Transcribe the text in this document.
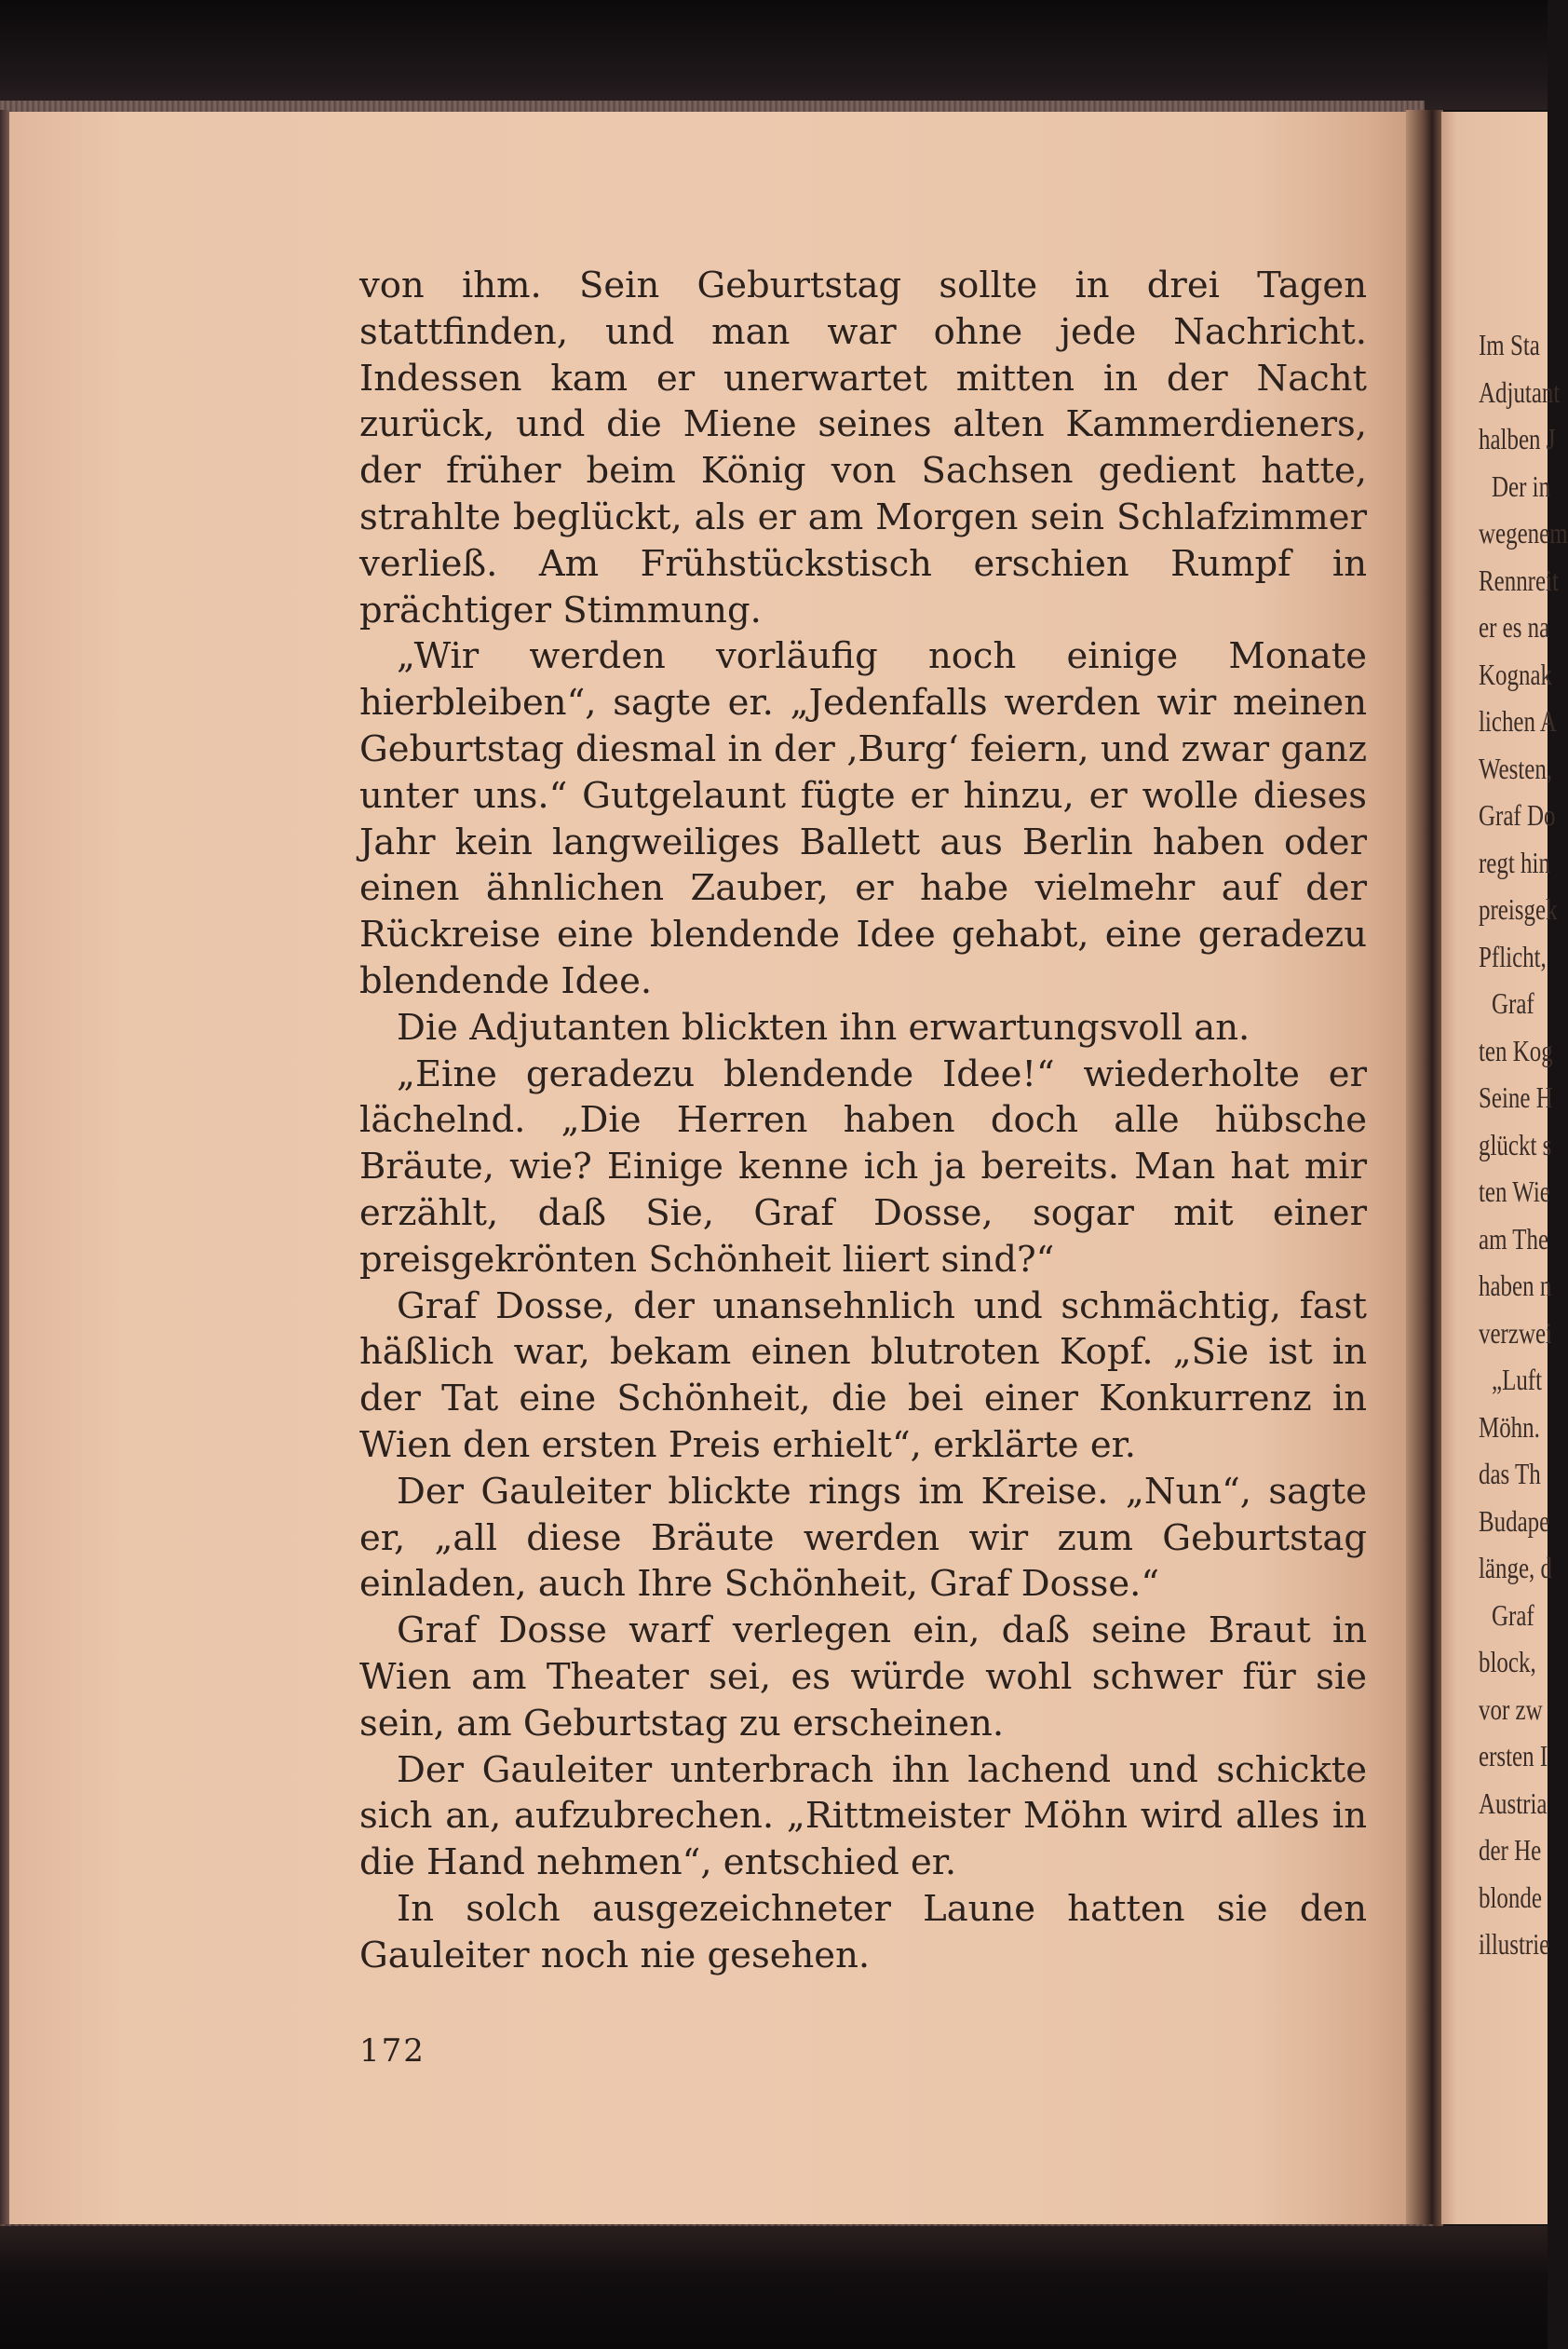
von ihm. Sein Geburtstag sollte in drei Tagen stattfinden, und man war ohne jede Nachricht. Indessen kam er unerwartet mitten in der Nacht zurück, und die Miene seines alten Kammerdieners, der früher beim König von Sachsen gedient hatte, strahlte beglückt, als er am Morgen sein Schlafzimmer verließ. Am Frühstückstisch erschien Rumpf in prächtiger Stimmung.

„Wir werden vorläufig noch einige Monate hierbleiben“, sagte er. „Jedenfalls werden wir meinen Geburtstag diesmal in der ‚Burg‘ feiern, und zwar ganz unter uns.“ Gutgelaunt fügte er hinzu, er wolle dieses Jahr kein langweiliges Ballett aus Berlin haben oder einen ähnlichen Zauber, er habe vielmehr auf der Rückreise eine blendende Idee gehabt, eine geradezu blendende Idee.

Die Adjutanten blickten ihn erwartungsvoll an.

„Eine geradezu blendende Idee!“ wiederholte er lächelnd. „Die Herren haben doch alle hübsche Bräute, wie? Einige kenne ich ja bereits. Man hat mir erzählt, daß Sie, Graf Dosse, sogar mit einer preisgekrönten Schönheit liiert sind?“

Graf Dosse, der unansehnlich und schmächtig, fast häßlich war, bekam einen blutroten Kopf. „Sie ist in der Tat eine Schönheit, die bei einer Konkurrenz in Wien den ersten Preis erhielt“, erklärte er.

Der Gauleiter blickte rings im Kreise. „Nun“, sagte er, „all diese Bräute werden wir zum Geburtstag einladen, auch Ihre Schönheit, Graf Dosse.“

Graf Dosse warf verlegen ein, daß seine Braut in Wien am Theater sei, es würde wohl schwer für sie sein, am Geburtstag zu erscheinen.

Der Gauleiter unterbrach ihn lachend und schickte sich an, aufzubrechen. „Rittmeister Möhn wird alles in die Hand nehmen“, entschied er.

In solch ausgezeichneter Laune hatten sie den Gauleiter noch nie gesehen.

172
Im Sta
Adjutant
halben J
Der in
wegenem
Rennreit
er es na
Kognak
lichen A
Westen,
Graf Do
regt hin
preisgek
Pflicht,
Graf
ten Kog
Seine H
glückt s
ten Wie
am The
haben n
verzwei
„Luft
Möhn.
das Th
Budape
länge, d
Graf
block,
vor zw
ersten I
Austria
der He
blonde
illustrie
